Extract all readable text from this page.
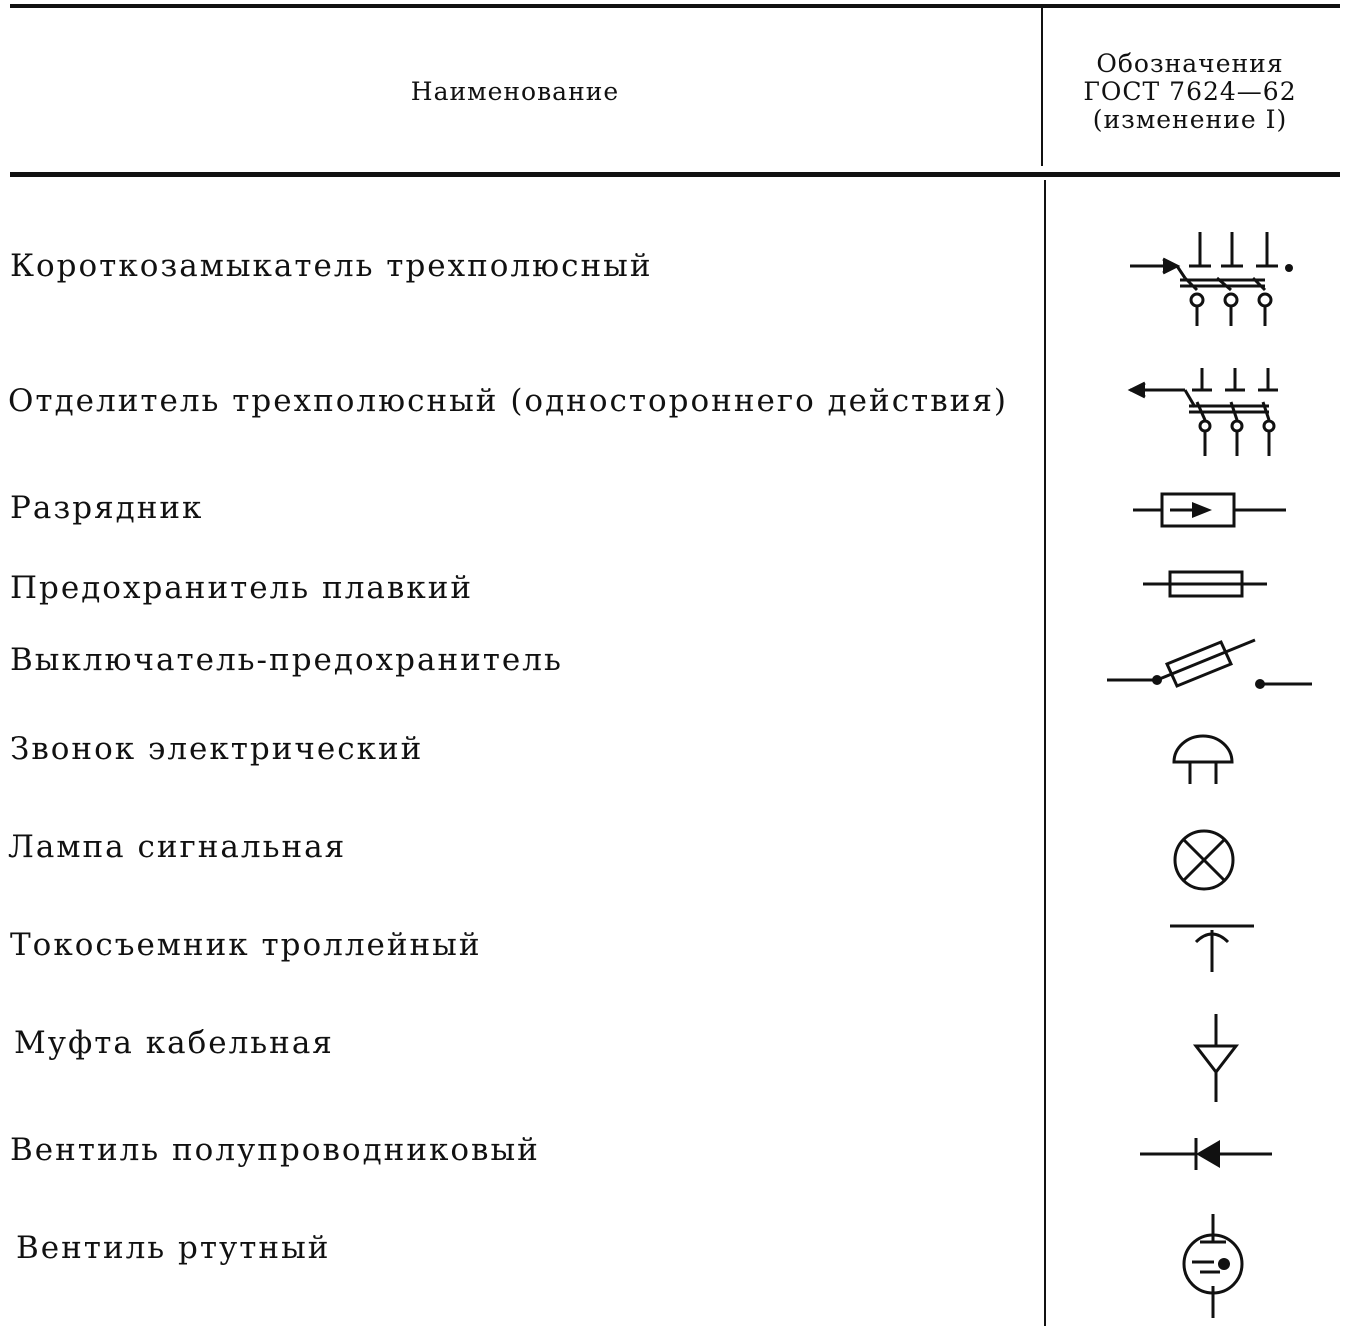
Наименование
Обозначения
ГОСТ 7624—62
(изменение I)
Короткозамыкатель трехполюсный
Отделитель трехполюсный (одностороннего действия)
Разрядник
Предохранитель плавкий
Выключатель-предохранитель
Звонок электрический
Лампа сигнальная
Токосъемник троллейный
Муфта кабельная
Вентиль полупроводниковый
Вентиль ртутный
